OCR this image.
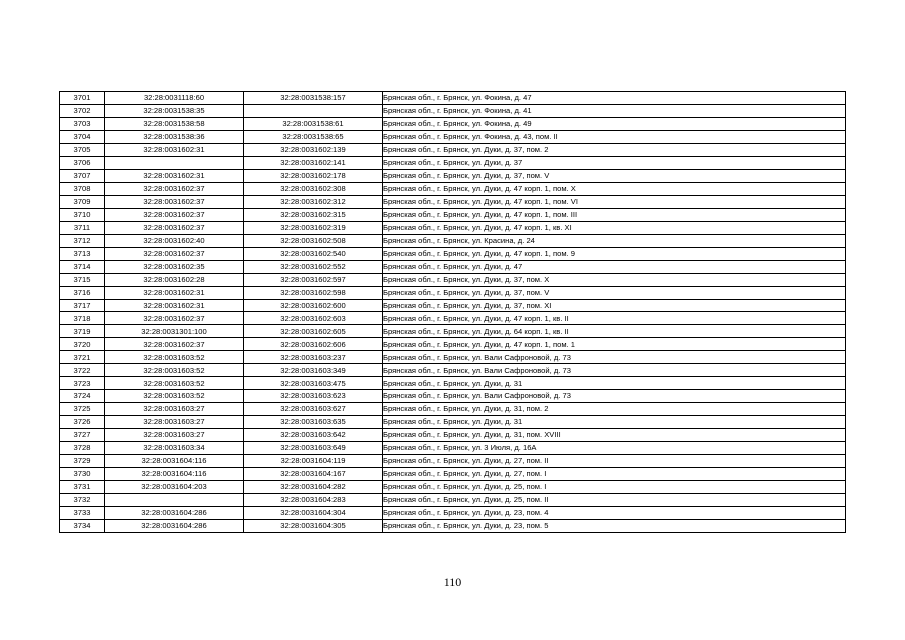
3701	32:28:0031118:60	32:28:0031538:157	Брянская обл., г. Брянск, ул. Фокина, д. 47
3702	32:28:0031538:35		Брянская обл., г. Брянск, ул. Фокина, д. 41
3703	32:28:0031538:58	32:28:0031538:61	Брянская обл., г. Брянск, ул. Фокина, д. 49
3704	32:28:0031538:36	32:28:0031538:65	Брянская обл., г. Брянск, ул. Фокина, д. 43, пом. II
3705	32:28:0031602:31	32:28:0031602:139	Брянская обл., г. Брянск, ул. Дуки, д. 37, пом. 2
3706		32:28:0031602:141	Брянская обл., г. Брянск, ул. Дуки, д. 37
3707	32:28:0031602:31	32:28:0031602:178	Брянская обл., г. Брянск, ул. Дуки, д. 37, пом. V
3708	32:28:0031602:37	32:28:0031602:308	Брянская обл., г. Брянск, ул. Дуки, д. 47 корп. 1, пом. X
3709	32:28:0031602:37	32:28:0031602:312	Брянская обл., г. Брянск, ул. Дуки, д. 47 корп. 1, пом. VI
3710	32:28:0031602:37	32:28:0031602:315	Брянская обл., г. Брянск, ул. Дуки, д. 47 корп. 1, пом. III
3711	32:28:0031602:37	32:28:0031602:319	Брянская обл., г. Брянск, ул. Дуки, д. 47 корп. 1, кв. XI
3712	32:28:0031602:40	32:28:0031602:508	Брянская обл., г. Брянск, ул. Красина, д. 24
3713	32:28:0031602:37	32:28:0031602:540	Брянская обл., г. Брянск, ул. Дуки, д. 47 корп. 1, пом. 9
3714	32:28:0031602:35	32:28:0031602:552	Брянская обл., г. Брянск, ул. Дуки, д. 47
3715	32:28:0031602:28	32:28:0031602:597	Брянская обл., г. Брянск, ул. Дуки, д. 37, пом. X
3716	32:28:0031602:31	32:28:0031602:598	Брянская обл., г. Брянск, ул. Дуки, д. 37, пом. V
3717	32:28:0031602:31	32:28:0031602:600	Брянская обл., г. Брянск, ул. Дуки, д. 37, пом. XI
3718	32:28:0031602:37	32:28:0031602:603	Брянская обл., г. Брянск, ул. Дуки, д. 47 корп. 1, кв. II
3719	32:28:0031301:100	32:28:0031602:605	Брянская обл., г. Брянск, ул. Дуки, д. 64 корп. 1, кв. II
3720	32:28:0031602:37	32:28:0031602:606	Брянская обл., г. Брянск, ул. Дуки, д. 47 корп. 1, пом. 1
3721	32:28:0031603:52	32:28:0031603:237	Брянская обл., г. Брянск, ул. Вали Сафроновой, д. 73
3722	32:28:0031603:52	32:28:0031603:349	Брянская обл., г. Брянск, ул. Вали Сафроновой, д. 73
3723	32:28:0031603:52	32:28:0031603:475	Брянская обл., г. Брянск, ул. Дуки, д. 31
3724	32:28:0031603:52	32:28:0031603:623	Брянская обл., г. Брянск, ул. Вали Сафроновой, д. 73
3725	32:28:0031603:27	32:28:0031603:627	Брянская обл., г. Брянск, ул. Дуки, д. 31, пом. 2
3726	32:28:0031603:27	32:28:0031603:635	Брянская обл., г. Брянск, ул. Дуки, д. 31
3727	32:28:0031603:27	32:28:0031603:642	Брянская обл., г. Брянск, ул. Дуки, д. 31, пом. XVIII
3728	32:28:0031603:34	32:28:0031603:649	Брянская обл., г. Брянск, ул. 3 Июля, д. 16А
3729	32:28:0031604:116	32:28:0031604:119	Брянская обл., г. Брянск, ул. Дуки, д. 27, пом. II
3730	32:28:0031604:116	32:28:0031604:167	Брянская обл., г. Брянск, ул. Дуки, д. 27, пом. I
3731	32:28:0031604:203	32:28:0031604:282	Брянская обл., г. Брянск, ул. Дуки, д. 25, пом. I
3732		32:28:0031604:283	Брянская обл., г. Брянск, ул. Дуки, д. 25, пом. II
3733	32:28:0031604:286	32:28:0031604:304	Брянская обл., г. Брянск, ул. Дуки, д. 23, пом. 4
3734	32:28:0031604:286	32:28:0031604:305	Брянская обл., г. Брянск, ул. Дуки, д. 23, пом. 5
110
